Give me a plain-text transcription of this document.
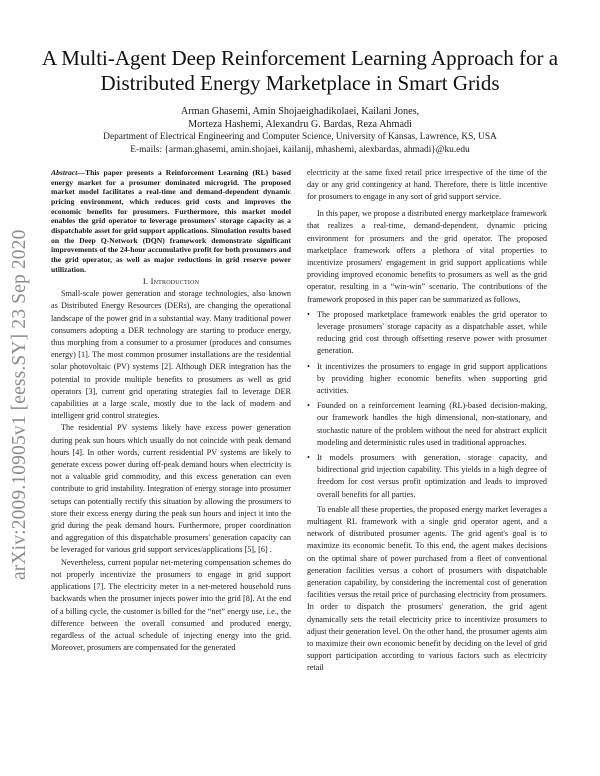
arXiv:2009.10905v1 [eess.SY] 23 Sep 2020
A Multi-Agent Deep Reinforcement Learning Approach for a
Distributed Energy Marketplace in Smart Grids
Arman Ghasemi, Amin Shojaeighadikolaei, Kailani Jones,
Morteza Hashemi, Alexandru G. Bardas, Reza Ahmadi
Department of Electrical Engineering and Computer Science, University of Kansas, Lawrence, KS, USA
E-mails: {arman.ghasemi, amin.shojaei, kailanij, mhashemi, alexbardas, ahmadi}@ku.edu

Abstract—This paper presents a Reinforcement Learning (RL) based energy market for a prosumer dominated microgrid. The proposed market model facilitates a real-time and demand-dependent dynamic pricing environment, which reduces grid costs and improves the economic benefits for prosumers. Furthermore, this market model enables the grid operator to leverage prosumers' storage capacity as a dispatchable asset for grid support applications. Simulation results based on the Deep Q-Network (DQN) framework demonstrate significant improvements of the 24-hour accumulative profit for both prosumers and the grid operator, as well as major reductions in grid reserve power utilization.

I. Introduction

Small-scale power generation and storage technologies, also known as Distributed Energy Resources (DERs), are changing the operational landscape of the power grid in a substantial way. Many traditional power consumers adopting a DER technology are starting to produce energy, thus morphing from a consumer to a prosumer (produces and consumes energy) [1]. The most common prosumer installations are the residential solar photovoltaic (PV) systems [2]. Although DER integration has the potential to provide multiple benefits to prosumers as well as grid operators [3], current grid operating strategies fail to leverage DER capabilities at a large scale, mostly due to the lack of modern and intelligent grid control strategies.

The residential PV systems likely have excess power generation during peak sun hours which usually do not coincide with peak demand hours [4]. In other words, current residential PV systems are likely to generate excess power during off-peak demand hours when electricity is not a valuable grid commodity, and this excess generation can even contribute to grid instability. Integration of energy storage into prosumer setups can potentially rectify this situation by allowing the prosumers to store their excess energy during the peak sun hours and inject it into the grid during the peak demand hours. Furthermore, proper coordination and aggregation of this dispatchable prosumers' generation capacity can be leveraged for various grid support services/applications [5], [6] .

Nevertheless, current popular net-metering compensation schemes do not properly incentivize the prosumers to engage in grid support applications [7]. The electricity meter in a net-metered household runs backwards when the prosumer injects power into the grid [8]. At the end of a billing cycle, the customer is billed for the “net” energy use, i.e., the difference between the overall consumed and produced energy, regardless of the actual schedule of injecting energy into the grid. Moreover, prosumers are compensated for the generated

electricity at the same fixed retail price irrespective of the time of the day or any grid contingency at hand. Therefore, there is little incentive for prosumers to engage in any sort of grid support service.

In this paper, we propose a distributed energy marketplace framework that realizes a real-time, demand-dependent, dynamic pricing environment for prosumers and the grid operator. The proposed marketplace framework offers a plethora of vital properties to incentivize prosumers' engagement in grid support applications while providing improved economic benefits to prosumers as well as the grid operator, resulting in a “win-win” scenario. The contributions of the framework proposed in this paper can be summarized as follows,

• The proposed marketplace framework enables the grid operator to leverage prosumers' storage capacity as a dispatchable asset, while reducing grid cost through offsetting reserve power with prosumer generation.
• It incentivizes the prosumers to engage in grid support applications by providing higher economic benefits when supporting grid activities.
• Founded on a reinforcement learning (RL)-based decision-making, our framework handles the high dimensional, non-stationary, and stochastic nature of the problem without the need for abstract explicit modeling and deterministic rules used in traditional approaches.
• It models prosumers with generation, storage capacity, and bidirectional grid injection capability. This yields in a high degree of freedom for cost versus profit optimization and leads to improved overall benefits for all parties.

To enable all these properties, the proposed energy market leverages a multiagent RL framework with a single grid operator agent, and a network of distributed prosumer agents. The grid agent's goal is to maximize its economic benefit. To this end, the agent makes decisions on the optimal share of power purchased from a fleet of conventional generation facilities versus a cohort of prosumers with dispatchable generation capability, by considering the incremental cost of generation facilities versus the retail price of purchasing electricity from prosumers. In order to dispatch the prosumers' generation, the grid agent dynamically sets the retail electricity price to incentivize prosumers to adjust their generation level. On the other hand, the prosumer agents aim to maximize their own economic benefit by deciding on the level of grid support participation according to various factors such as electricity retail
